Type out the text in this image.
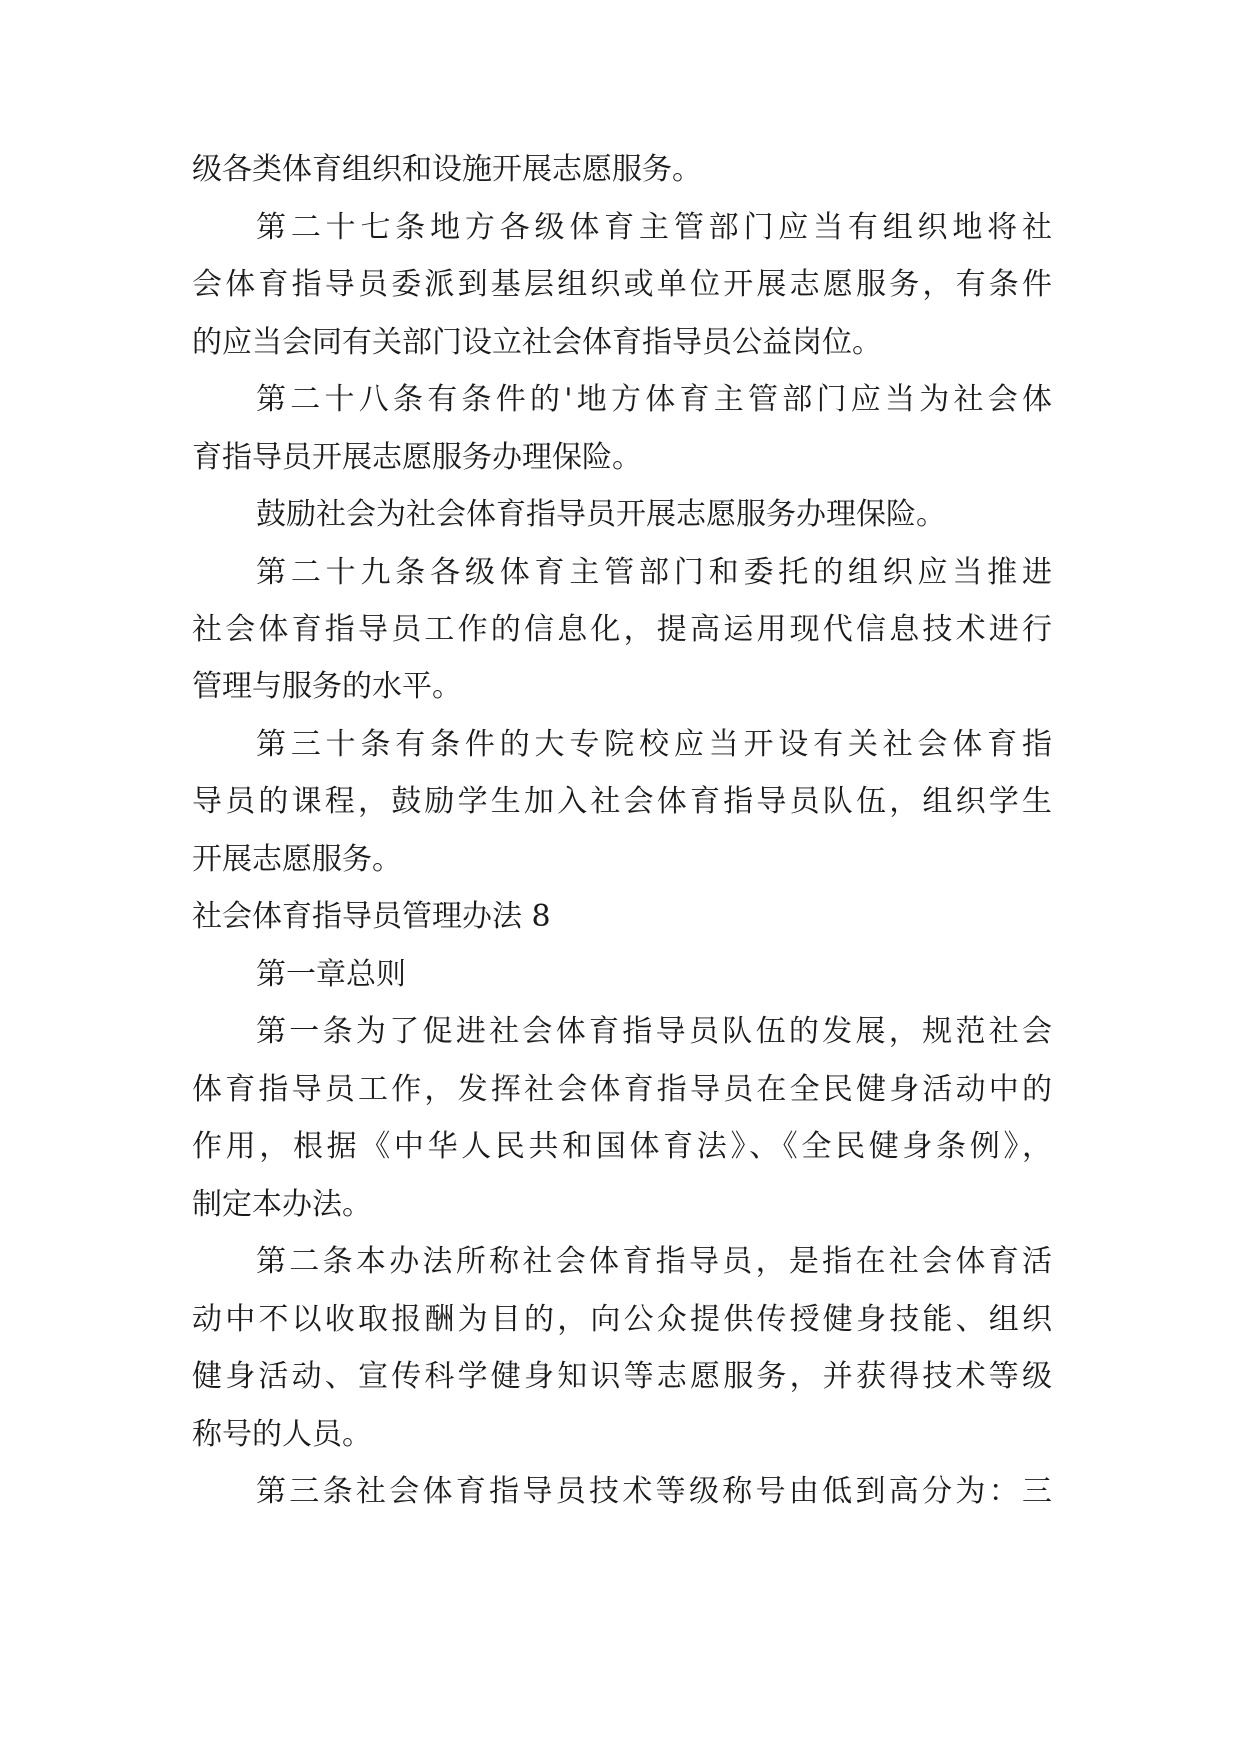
级各类体育组织和设施开展志愿服务。
第二十七条地方各级体育主管部门应当有组织地将社
会体育指导员委派到基层组织或单位开展志愿服务，有条件
的应当会同有关部门设立社会体育指导员公益岗位。
第二十八条有条件的'地方体育主管部门应当为社会体
育指导员开展志愿服务办理保险。
鼓励社会为社会体育指导员开展志愿服务办理保险。
第二十九条各级体育主管部门和委托的组织应当推进
社会体育指导员工作的信息化，提高运用现代信息技术进行
管理与服务的水平。
第三十条有条件的大专院校应当开设有关社会体育指
导员的课程，鼓励学生加入社会体育指导员队伍，组织学生
开展志愿服务。
社会体育指导员管理办法 8
第一章总则
第一条为了促进社会体育指导员队伍的发展，规范社会
体育指导员工作，发挥社会体育指导员在全民健身活动中的
作用，根据《中华人民共和国体育法》、《全民健身条例》，
制定本办法。
第二条本办法所称社会体育指导员，是指在社会体育活
动中不以收取报酬为目的，向公众提供传授健身技能、组织
健身活动、宣传科学健身知识等志愿服务，并获得技术等级
称号的人员。
第三条社会体育指导员技术等级称号由低到高分为：三
